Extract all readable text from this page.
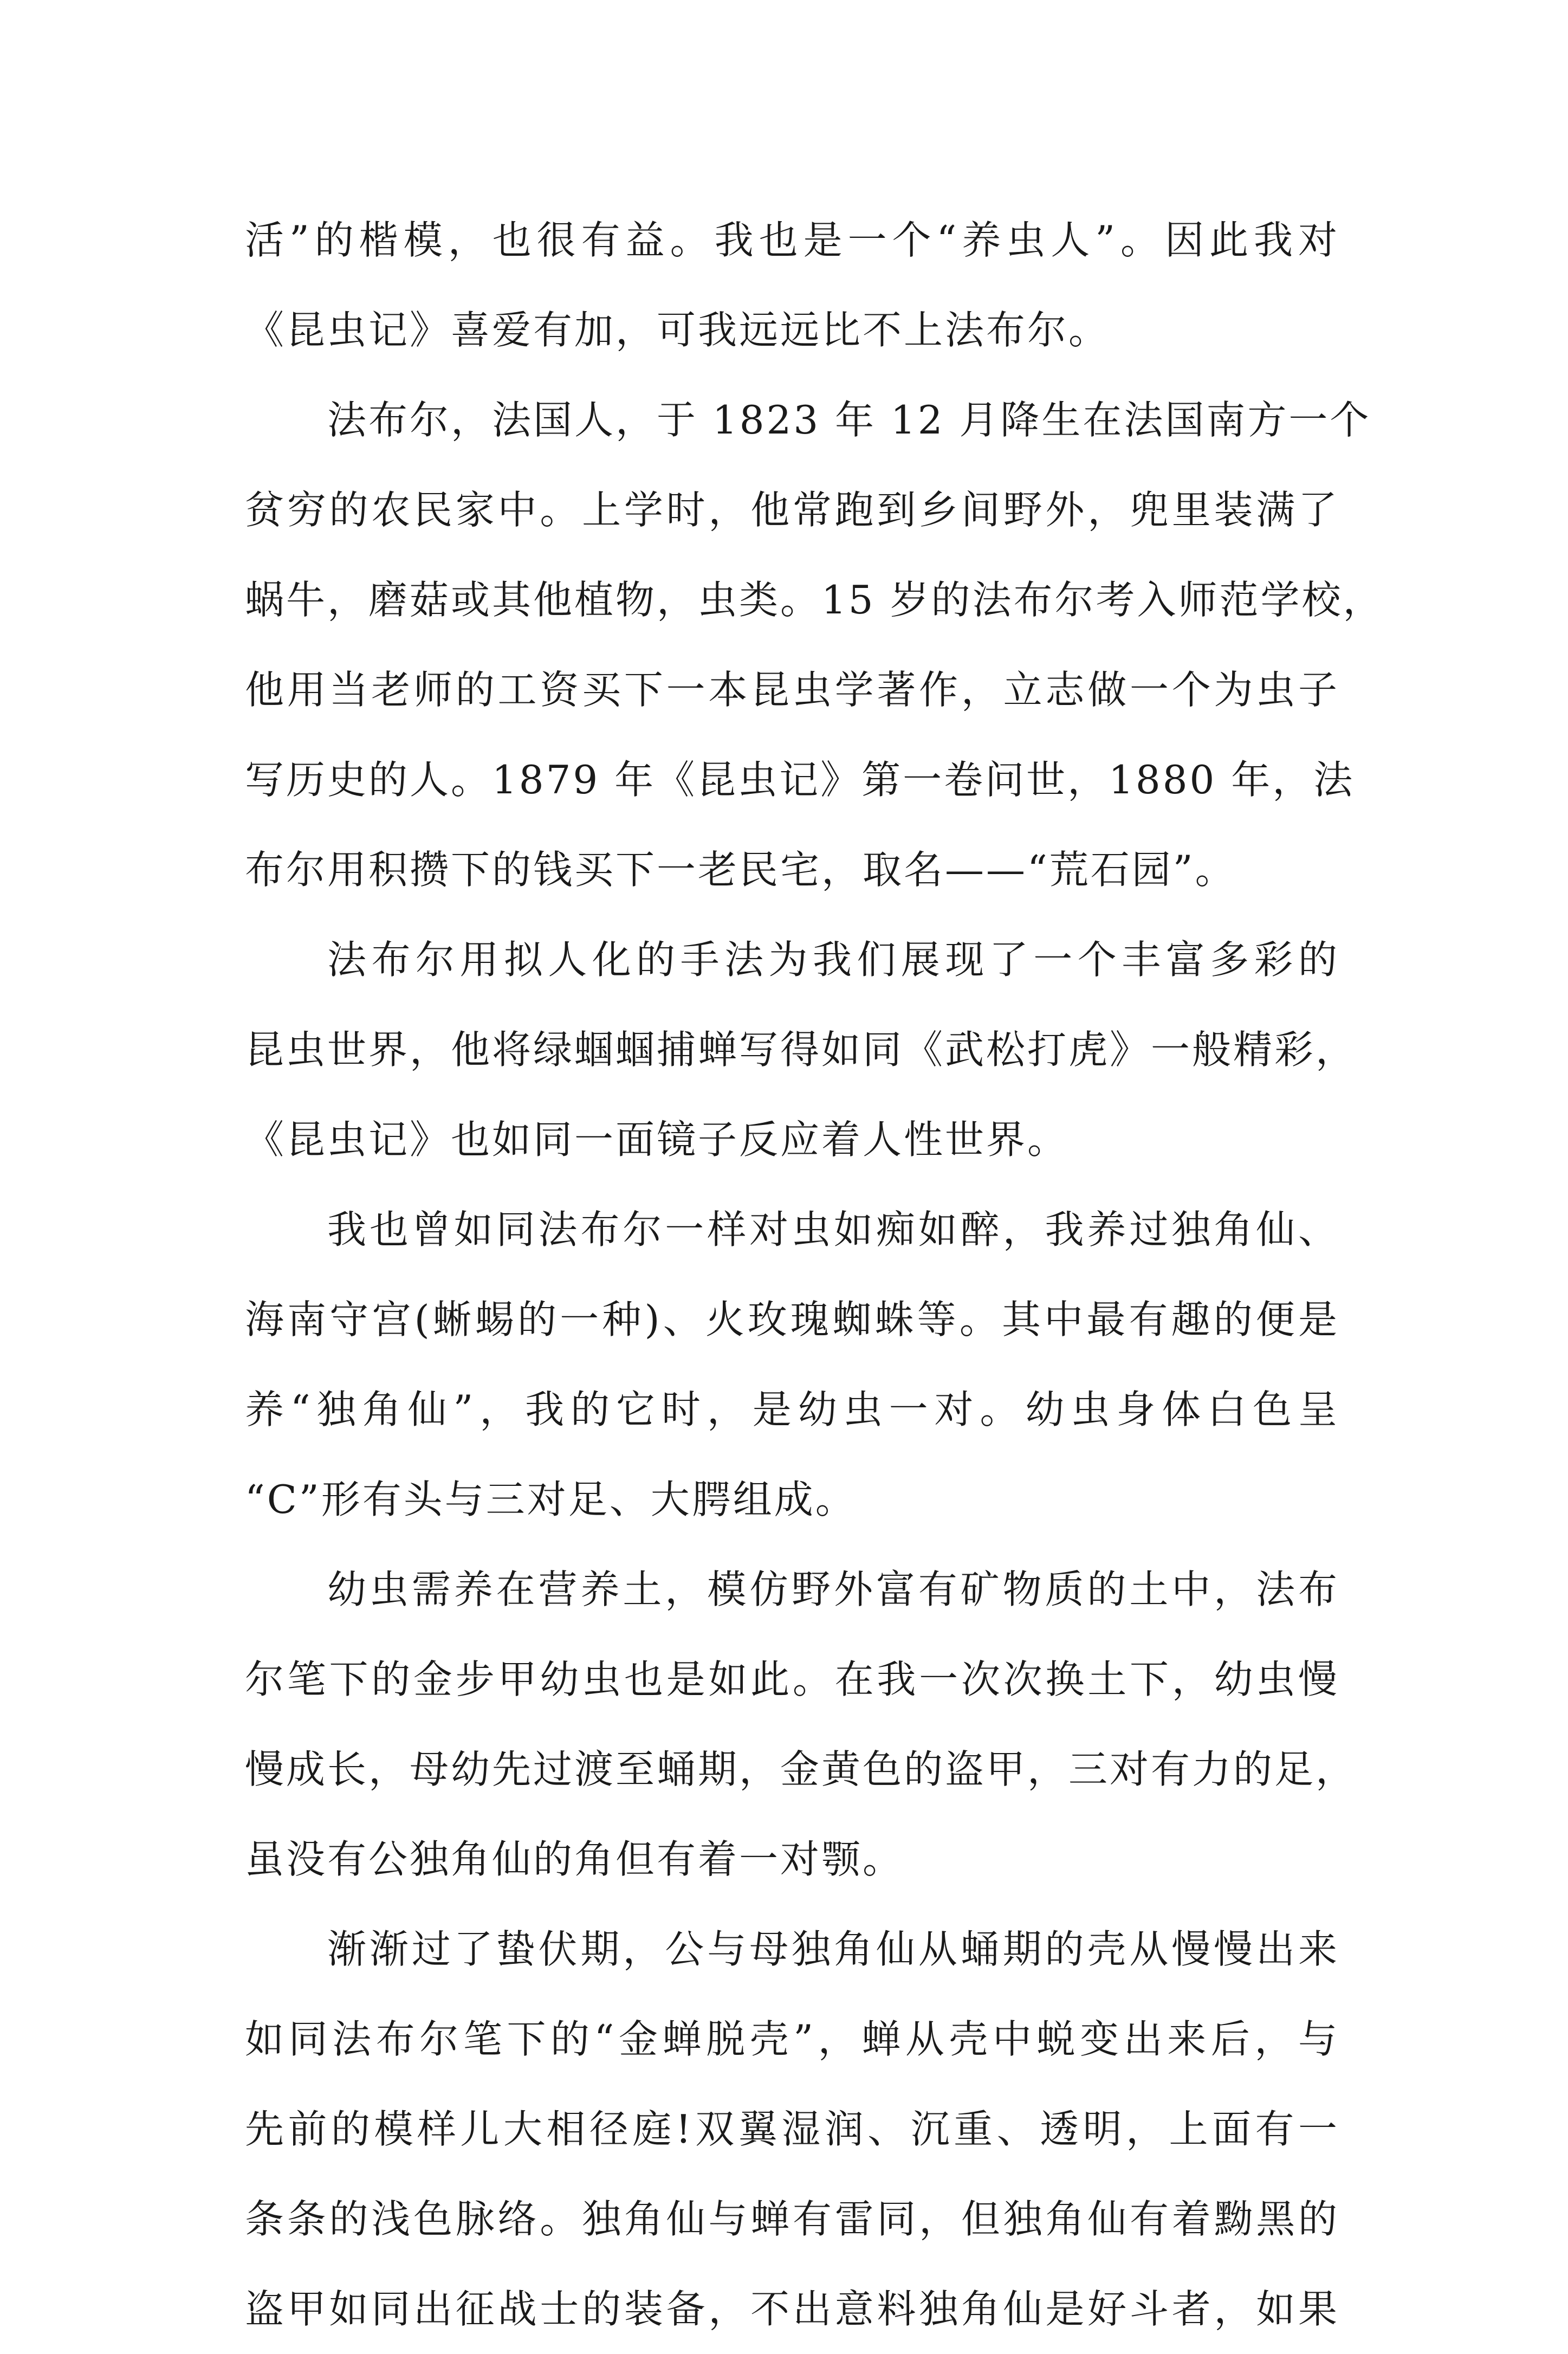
活”的楷模，也很有益。我也是一个“养虫人”。因此我对
《昆虫记》喜爱有加，可我远远比不上法布尔。
法布尔，法国人，于 1823 年 12 月降生在法国南方一个
贫穷的农民家中。上学时，他常跑到乡间野外，兜里装满了
蜗牛，磨菇或其他植物，虫类。15 岁的法布尔考入师范学校，
他用当老师的工资买下一本昆虫学著作，立志做一个为虫子
写历史的人。1879 年《昆虫记》第一卷问世，1880 年，法
布尔用积攒下的钱买下一老民宅，取名——“荒石园”。
法布尔用拟人化的手法为我们展现了一个丰富多彩的
昆虫世界，他将绿蝈蝈捕蝉写得如同《武松打虎》一般精彩，
《昆虫记》也如同一面镜子反应着人性世界。
我也曾如同法布尔一样对虫如痴如醉，我养过独角仙、
海南守宫(蜥蜴的一种)、火玫瑰蜘蛛等。其中最有趣的便是
养“独角仙”，我的它时，是幼虫一对。幼虫身体白色呈
“C”形有头与三对足、大腭组成。
幼虫需养在营养土，模仿野外富有矿物质的土中，法布
尔笔下的金步甲幼虫也是如此。在我一次次换土下，幼虫慢
慢成长，母幼先过渡至蛹期，金黄色的盗甲，三对有力的足，
虽没有公独角仙的角但有着一对颚。
渐渐过了蛰伏期，公与母独角仙从蛹期的壳从慢慢出来
如同法布尔笔下的“金蝉脱壳”，蝉从壳中蜕变出来后，与
先前的模样儿大相径庭!双翼湿润、沉重、透明，上面有一
条条的浅色脉络。独角仙与蝉有雷同，但独角仙有着黝黑的
盗甲如同出征战士的装备，不出意料独角仙是好斗者，如果
